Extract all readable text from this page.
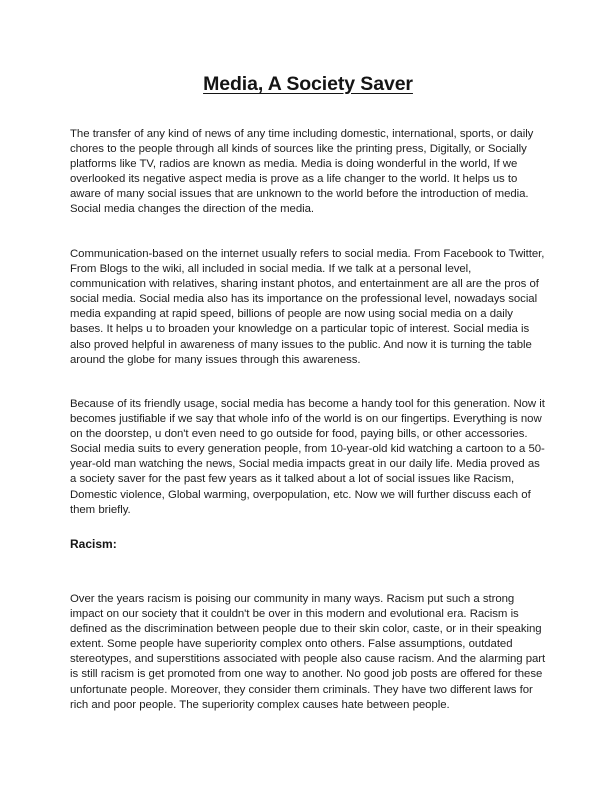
Media, A Society Saver

The transfer of any kind of news of any time including domestic, international, sports, or daily chores to the people through all kinds of sources like the printing press, Digitally, or Socially platforms like TV, radios are known as media. Media is doing wonderful in the world, If we overlooked its negative aspect media is prove as a life changer to the world. It helps us to aware of many social issues that are unknown to the world before the introduction of media. Social media changes the direction of the media.

Communication-based on the internet usually refers to social media. From Facebook to Twitter, From Blogs to the wiki, all included in social media. If we talk at a personal level, communication with relatives, sharing instant photos, and entertainment are all are the pros of social media. Social media also has its importance on the professional level, nowadays social media expanding at rapid speed, billions of people are now using social media on a daily bases. It helps u to broaden your knowledge on a particular topic of interest. Social media is also proved helpful in awareness of many issues to the public. And now it is turning the table around the globe for many issues through this awareness.

Because of its friendly usage, social media has become a handy tool for this generation. Now it becomes justifiable if we say that whole info of the world is on our fingertips. Everything is now on the doorstep, u don't even need to go outside for food, paying bills, or other accessories. Social media suits to every generation people, from 10-year-old kid watching a cartoon to a 50-year-old man watching the news, Social media impacts great in our daily life. Media proved as a society saver for the past few years as it talked about a lot of social issues like Racism, Domestic violence, Global warming, overpopulation, etc. Now we will further discuss each of them briefly.

Racism:

Over the years racism is poising our community in many ways. Racism put such a strong impact on our society that it couldn't be over in this modern and evolutional era. Racism is defined as the discrimination between people due to their skin color, caste, or in their speaking extent. Some people have superiority complex onto others. False assumptions, outdated stereotypes, and superstitions associated with people also cause racism. And the alarming part is still racism is get promoted from one way to another. No good job posts are offered for these unfortunate people. Moreover, they consider them criminals. They have two different laws for rich and poor people. The superiority complex causes hate between people.
